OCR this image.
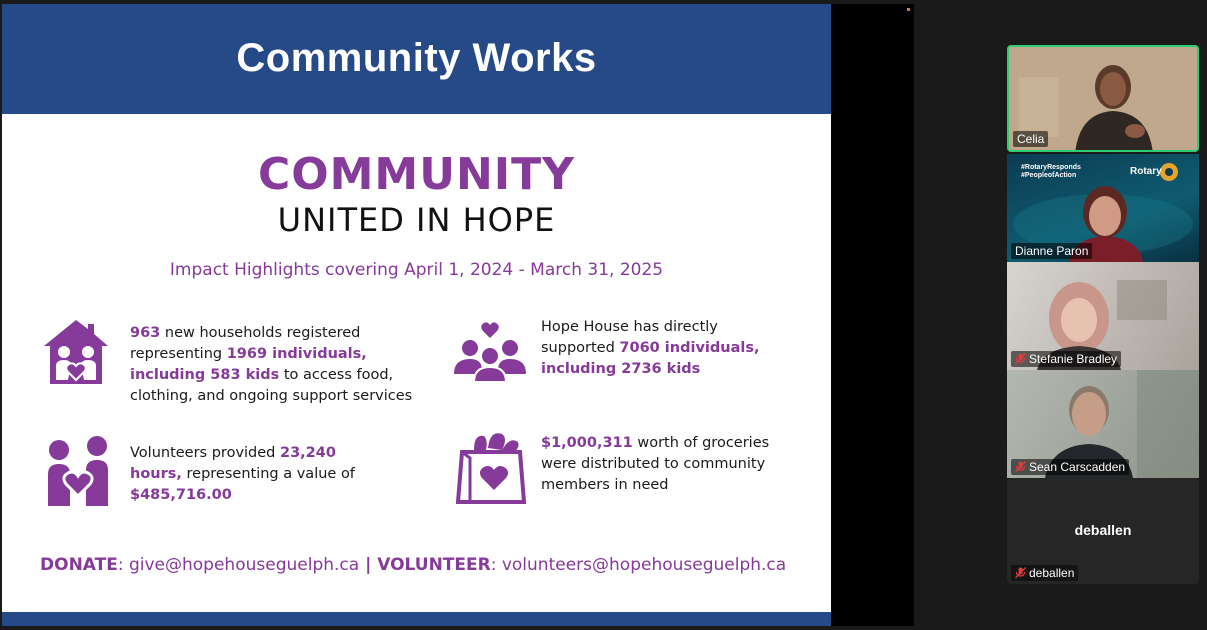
Community Works
COMMUNITY
UNITED IN HOPE
Impact Highlights covering April 1, 2024 - March 31, 2025
963 new households registered representing 1969 individuals, including 583 kids to access food, clothing, and ongoing support services
Hope House has directly supported 7060 individuals, including 2736 kids
Volunteers provided 23,240 hours, representing a value of $485,716.00
$1,000,311 worth of groceries were distributed to community members in need
DONATE: give@hopehouseguelph.ca | VOLUNTEER: volunteers@hopehouseguelph.ca
Celia
#RotaryResponds
#PeopleofAction	Rotary
Dianne Paron
Stefanie Bradley
Sean Carscadden
deballen
deballen
